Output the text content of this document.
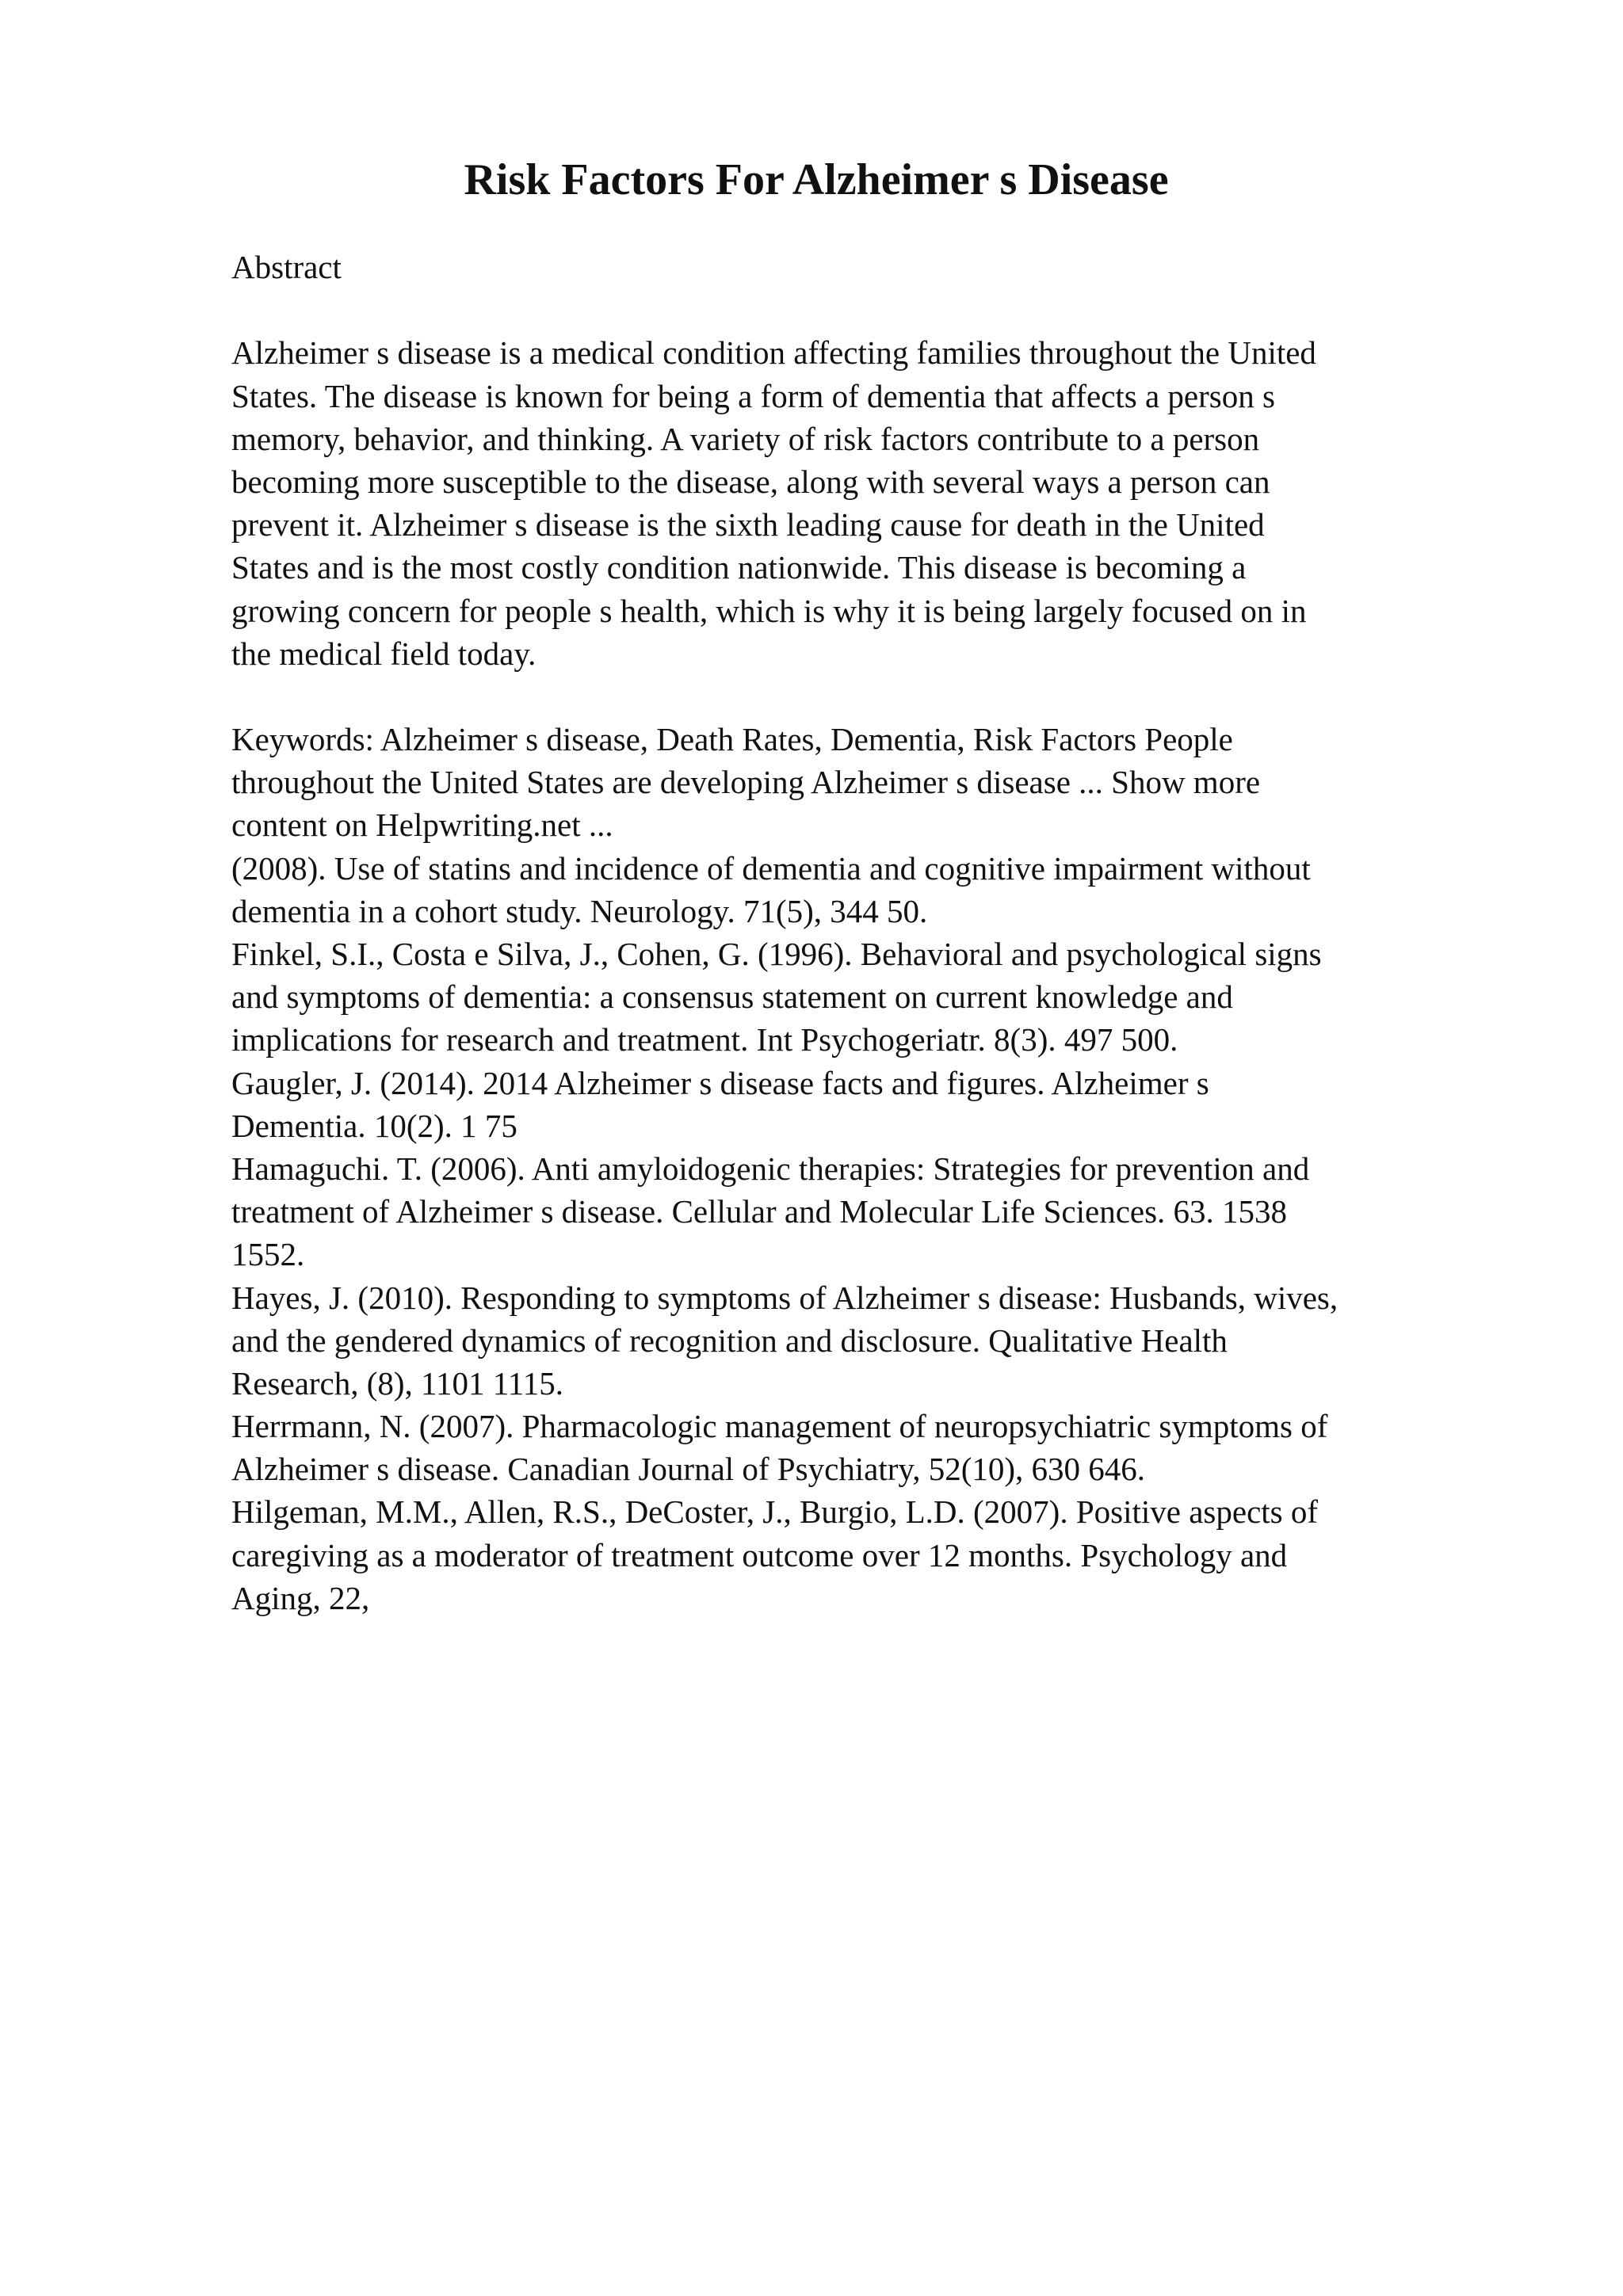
Risk Factors For Alzheimer s Disease
Abstract
Alzheimer s disease is a medical condition affecting families throughout the United
States. The disease is known for being a form of dementia that affects a person s
memory, behavior, and thinking. A variety of risk factors contribute to a person
becoming more susceptible to the disease, along with several ways a person can
prevent it. Alzheimer s disease is the sixth leading cause for death in the United
States and is the most costly condition nationwide. This disease is becoming a
growing concern for people s health, which is why it is being largely focused on in
the medical field today.
Keywords: Alzheimer s disease, Death Rates, Dementia, Risk Factors People
throughout the United States are developing Alzheimer s disease ... Show more
content on Helpwriting.net ...
(2008). Use of statins and incidence of dementia and cognitive impairment without
dementia in a cohort study. Neurology. 71(5), 344 50.
Finkel, S.I., Costa e Silva, J., Cohen, G. (1996). Behavioral and psychological signs
and symptoms of dementia: a consensus statement on current knowledge and
implications for research and treatment. Int Psychogeriatr. 8(3). 497 500.
Gaugler, J. (2014). 2014 Alzheimer s disease facts and figures. Alzheimer s
Dementia. 10(2). 1 75
Hamaguchi. T. (2006). Anti amyloidogenic therapies: Strategies for prevention and
treatment of Alzheimer s disease. Cellular and Molecular Life Sciences. 63. 1538
1552.
Hayes, J. (2010). Responding to symptoms of Alzheimer s disease: Husbands, wives,
and the gendered dynamics of recognition and disclosure. Qualitative Health
Research, (8), 1101 1115.
Herrmann, N. (2007). Pharmacologic management of neuropsychiatric symptoms of
Alzheimer s disease. Canadian Journal of Psychiatry, 52(10), 630 646.
Hilgeman, M.M., Allen, R.S., DeCoster, J., Burgio, L.D. (2007). Positive aspects of
caregiving as a moderator of treatment outcome over 12 months. Psychology and
Aging, 22,
